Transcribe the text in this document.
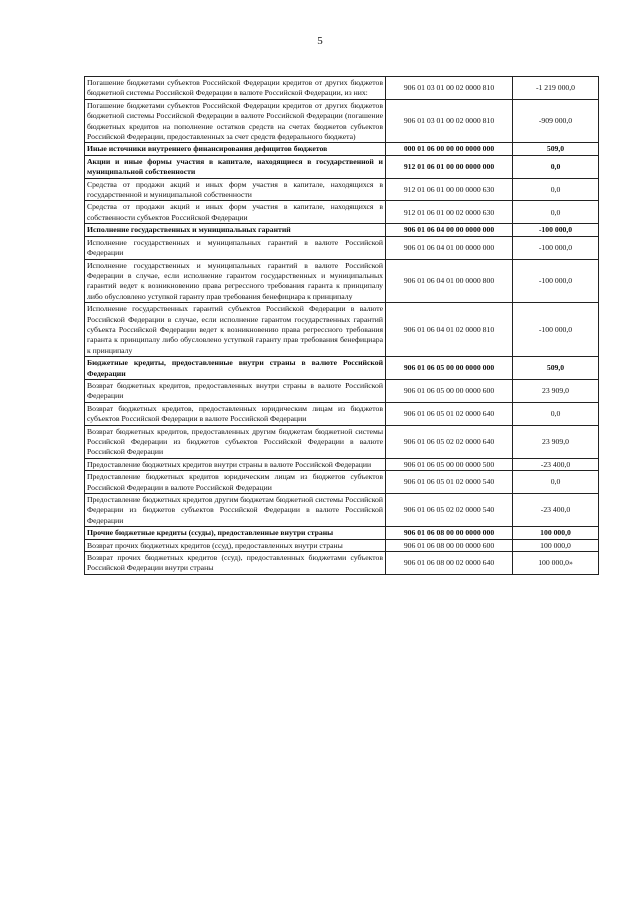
5
Погашение бюджетами субъектов Российской Федерации кредитов от других бюджетов бюджетной системы Российской Федерации в валюте Российской Федерации, из них:	906 01 03 01 00 02 0000 810	-1 219 000,0
Погашение бюджетами субъектов Российской Федерации кредитов от других бюджетов бюджетной системы Российской Федерации в валюте Российской Федерации (погашение бюджетных кредитов на пополнение остатков средств на счетах бюджетов субъектов Российской Федерации, предоставленных за счет средств федерального бюджета)	906 01 03 01 00 02 0000 810	-909 000,0
Иные источники внутреннего финансирования дефицитов бюджетов	000 01 06 00 00 00 0000 000	509,0
Акции и иные формы участия в капитале, находящиеся в государственной и муниципальной собственности	912 01 06 01 00 00 0000 000	0,0
Средства от продажи акций и иных форм участия в капитале, находящихся в государственной и муниципальной собственности	912 01 06 01 00 00 0000 630	0,0
Средства от продажи акций и иных форм участия в капитале, находящихся в собственности субъектов Российской Федерации	912 01 06 01 00 02 0000 630	0,0
Исполнение государственных и муниципальных гарантий	906 01 06 04 00 00 0000 000	-100 000,0
Исполнение государственных и муниципальных гарантий в валюте Российской Федерации	906 01 06 04 01 00 0000 000	-100 000,0
Исполнение государственных и муниципальных гарантий в валюте Российской Федерации в случае, если исполнение гарантом государственных и муниципальных гарантий ведет к возникновению права регрессного требования гаранта к принципалу либо обусловлено уступкой гаранту прав требования бенефициара к принципалу	906 01 06 04 01 00 0000 800	-100 000,0
Исполнение государственных гарантий субъектов Российской Федерации в валюте Российской Федерации в случае, если исполнение гарантом государственных гарантий субъекта Российской Федерации ведет к возникновению права регрессного требования гаранта к принципалу либо обусловлено уступкой гаранту прав требования бенефициара к принципалу	906 01 06 04 01 02 0000 810	-100 000,0
Бюджетные кредиты, предоставленные внутри страны в валюте Российской Федерации	906 01 06 05 00 00 0000 000	509,0
Возврат бюджетных кредитов, предоставленных внутри страны в валюте Российской Федерации	906 01 06 05 00 00 0000 600	23 909,0
Возврат бюджетных кредитов, предоставленных юридическим лицам из бюджетов субъектов Российской Федерации в валюте Российской Федерации	906 01 06 05 01 02 0000 640	0,0
Возврат бюджетных кредитов, предоставленных другим бюджетам бюджетной системы Российской Федерации из бюджетов субъектов Российской Федерации в валюте Российской Федерации	906 01 06 05 02 02 0000 640	23 909,0
Предоставление бюджетных кредитов внутри страны в валюте Российской Федерации	906 01 06 05 00 00 0000 500	-23 400,0
Предоставление бюджетных кредитов юридическим лицам из бюджетов субъектов Российской Федерации в валюте Российской Федерации	906 01 06 05 01 02 0000 540	0,0
Предоставление бюджетных кредитов другим бюджетам бюджетной системы Российской Федерации из бюджетов субъектов Российской Федерации в валюте Российской Федерации	906 01 06 05 02 02 0000 540	-23 400,0
Прочие бюджетные кредиты (ссуды), предоставленные внутри страны	906 01 06 08 00 00 0000 000	100 000,0
Возврат прочих бюджетных кредитов (ссуд), предоставленных внутри страны	906 01 06 08 00 00 0000 600	100 000,0
Возврат прочих бюджетных кредитов (ссуд), предоставленных бюджетами субъектов Российской Федерации внутри страны	906 01 06 08 00 02 0000 640	100 000,0»
